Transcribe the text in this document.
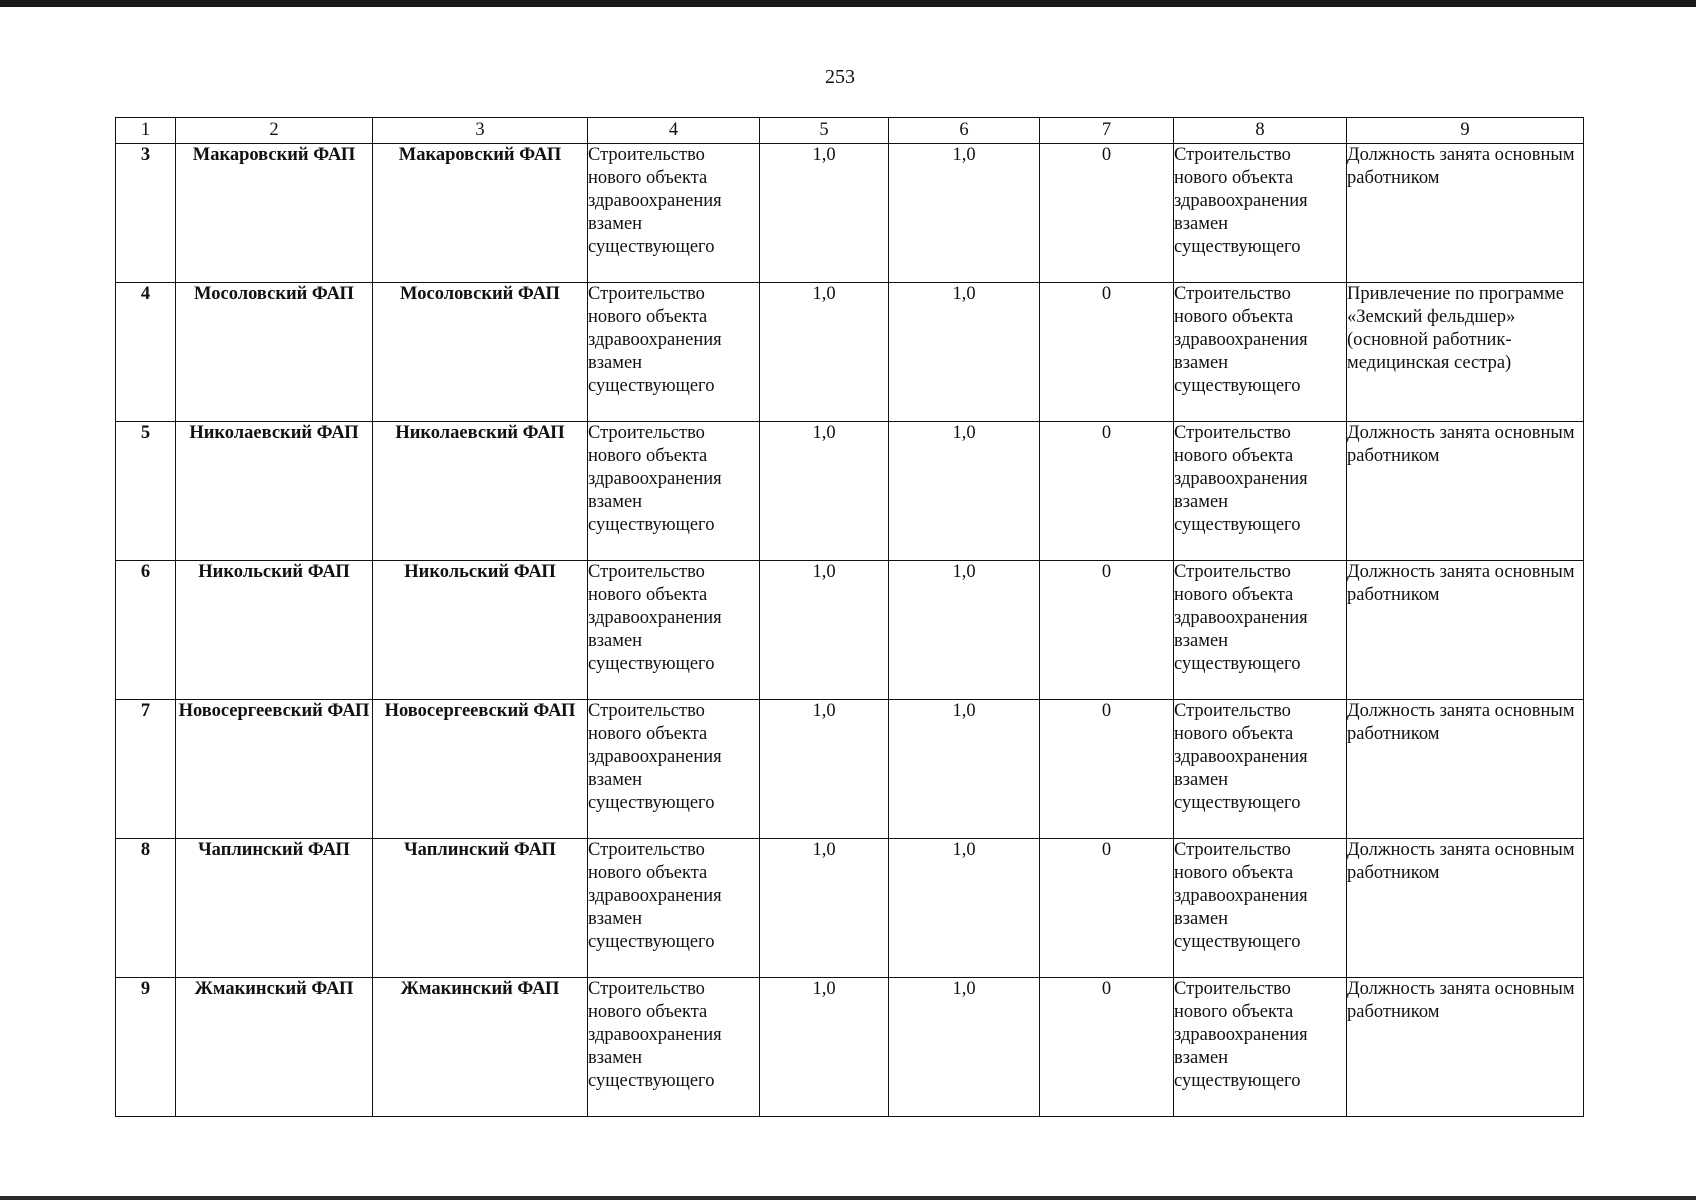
253
1	2	3	4	5	6	7	8	9
3	Макаровский ФАП	Макаровский ФАП	Строительство нового объекта здравоохранения взамен существующего	1,0	1,0	0	Строительство нового объекта здравоохранения взамен существующего	Должность занята основным работником
4	Мосоловский ФАП	Мосоловский ФАП	Строительство нового объекта здравоохранения взамен существующего	1,0	1,0	0	Строительство нового объекта здравоохранения взамен существующего	Привлечение по программе «Земский фельдшер» (основной работник- медицинская сестра)
5	Николаевский ФАП	Николаевский ФАП	Строительство нового объекта здравоохранения взамен существующего	1,0	1,0	0	Строительство нового объекта здравоохранения взамен существующего	Должность занята основным работником
6	Никольский ФАП	Никольский ФАП	Строительство нового объекта здравоохранения взамен существующего	1,0	1,0	0	Строительство нового объекта здравоохранения взамен существующего	Должность занята основным работником
7	Новосергеевский ФАП	Новосергеевский ФАП	Строительство нового объекта здравоохранения взамен существующего	1,0	1,0	0	Строительство нового объекта здравоохранения взамен существующего	Должность занята основным работником
8	Чаплинский ФАП	Чаплинский ФАП	Строительство нового объекта здравоохранения взамен существующего	1,0	1,0	0	Строительство нового объекта здравоохранения взамен существующего	Должность занята основным работником
9	Жмакинский ФАП	Жмакинский ФАП	Строительство нового объекта здравоохранения взамен существующего	1,0	1,0	0	Строительство нового объекта здравоохранения взамен существующего	Должность занята основным работником
